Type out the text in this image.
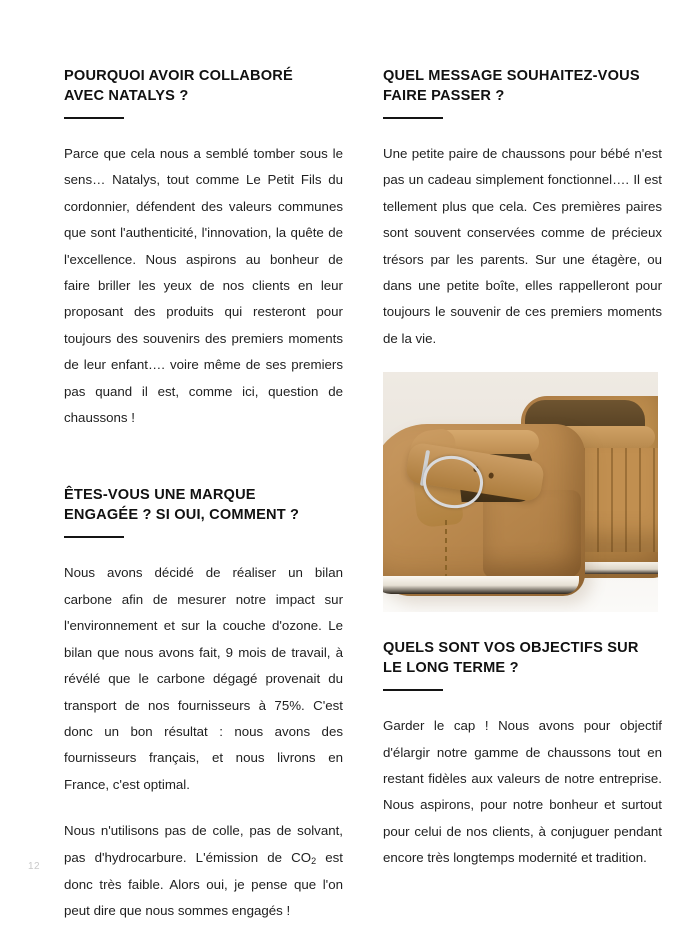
POURQUOI AVOIR COLLABORÉ
AVEC NATALYS ?

Parce que cela nous a semblé tomber sous le sens… Natalys, tout comme Le Petit Fils du cordonnier, défendent des valeurs communes que sont l'authenticité, l'innovation, la quête de l'excellence. Nous aspirons au bonheur de faire briller les yeux de nos clients en leur proposant des produits qui resteront pour toujours des souvenirs des premiers moments de leur enfant…. voire même de ses premiers pas quand il est, comme ici, question de chaussons !

ÊTES-VOUS UNE MARQUE
ENGAGÉE ? SI OUI, COMMENT ?

Nous avons décidé de réaliser un bilan carbone afin de mesurer notre impact sur l'environnement et sur la couche d'ozone. Le bilan que nous avons fait, 9 mois de travail, à révélé que le carbone dégagé provenait du transport de nos fournisseurs à 75%. C'est donc un bon résultat : nous avons des fournisseurs français, et nous livrons en France, c'est optimal.

Nous n'utilisons pas de colle, pas de solvant, pas d'hydrocarbure. L'émission de $CO_2$ est donc très faible. Alors oui, je pense que l'on peut dire que nous sommes engagés !

QUEL MESSAGE SOUHAITEZ-VOUS
FAIRE PASSER ?

Une petite paire de chaussons pour bébé n'est pas un cadeau simplement fonctionnel…. Il est tellement plus que cela. Ces premières paires sont souvent conservées comme de précieux trésors par les parents. Sur une étagère, ou dans une petite boîte, elles rappelleront pour toujours le souvenir de ces premiers moments de la vie.

QUELS SONT VOS OBJECTIFS SUR
LE LONG TERME ?

Garder le cap ! Nous avons pour objectif d'élargir notre gamme de chaussons tout en restant fidèles aux valeurs de notre entreprise. Nous aspirons, pour notre bonheur et surtout pour celui de nos clients, à conjuguer pendant encore très longtemps modernité et tradition.

12
